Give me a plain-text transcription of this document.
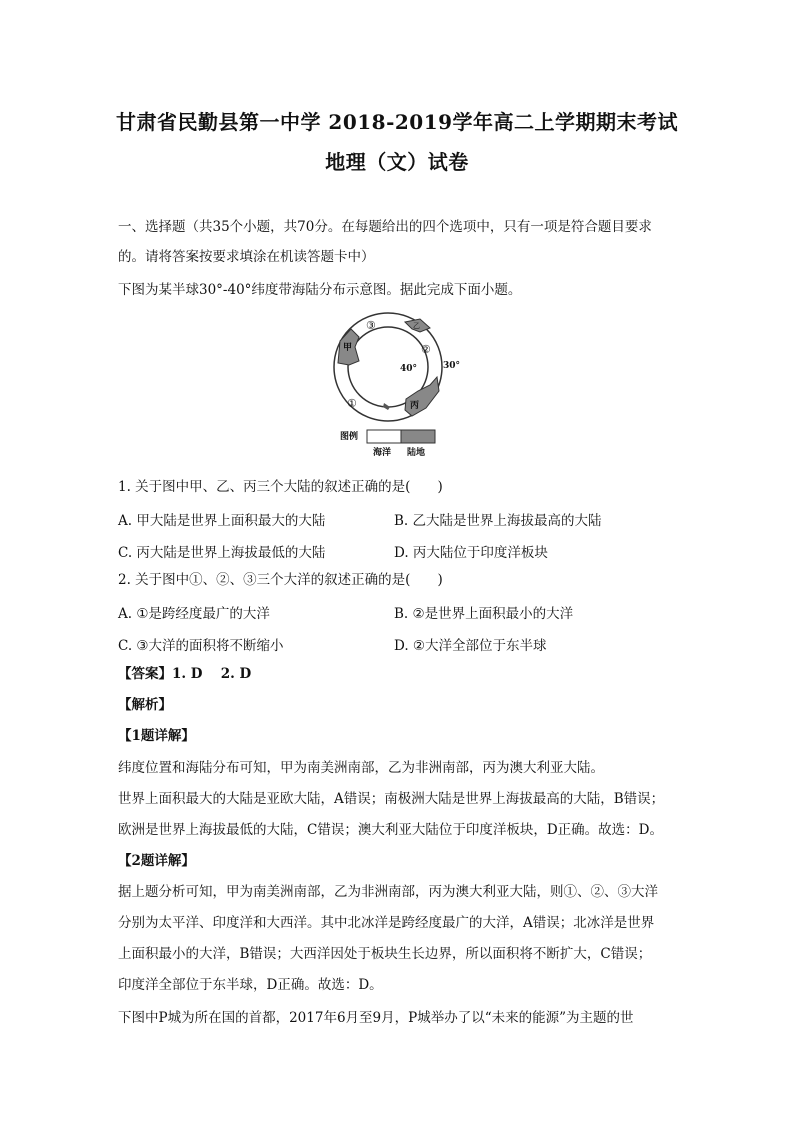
甘肃省民勤县第一中学 2018-2019学年高二上学期期末考试
地理（文）试卷
一、选择题（共35个小题，共70分。在每题给出的四个选项中，只有一项是符合题目要求
的。请将答案按要求填涂在机读答题卡中）
下图为某半球30°-40°纬度带海陆分布示意图。据此完成下面小题。
甲
丙
乙
③
②
①
40°	30°
图例
海洋 陆地
1. 关于图中甲、乙、丙三个大陆的叙述正确的是(　　)
A. 甲大陆是世界上面积最大的大陆	B. 乙大陆是世界上海拔最高的大陆
C. 丙大陆是世界上海拔最低的大陆	D. 丙大陆位于印度洋板块
2. 关于图中①、②、③三个大洋的叙述正确的是(　　)
A. ①是跨经度最广的大洋	B. ②是世界上面积最小的大洋
C. ③大洋的面积将不断缩小	D. ②大洋全部位于东半球
【答案】1. D　 2. D
【解析】
【1题详解】
纬度位置和海陆分布可知，甲为南美洲南部，乙为非洲南部，丙为澳大利亚大陆。
世界上面积最大的大陆是亚欧大陆，A错误；南极洲大陆是世界上海拔最高的大陆，B错误；
欧洲是世界上海拔最低的大陆，C错误；澳大利亚大陆位于印度洋板块，D正确。故选：D。
【2题详解】
据上题分析可知，甲为南美洲南部，乙为非洲南部，丙为澳大利亚大陆，则①、②、③大洋
分别为太平洋、印度洋和大西洋。其中北冰洋是跨经度最广的大洋，A错误；北冰洋是世界
上面积最小的大洋，B错误；大西洋因处于板块生长边界，所以面积将不断扩大，C错误；
印度洋全部位于东半球，D正确。故选：D。
下图中P城为所在国的首都，2017年6月至9月，P城举办了以“未来的能源”为主题的世
